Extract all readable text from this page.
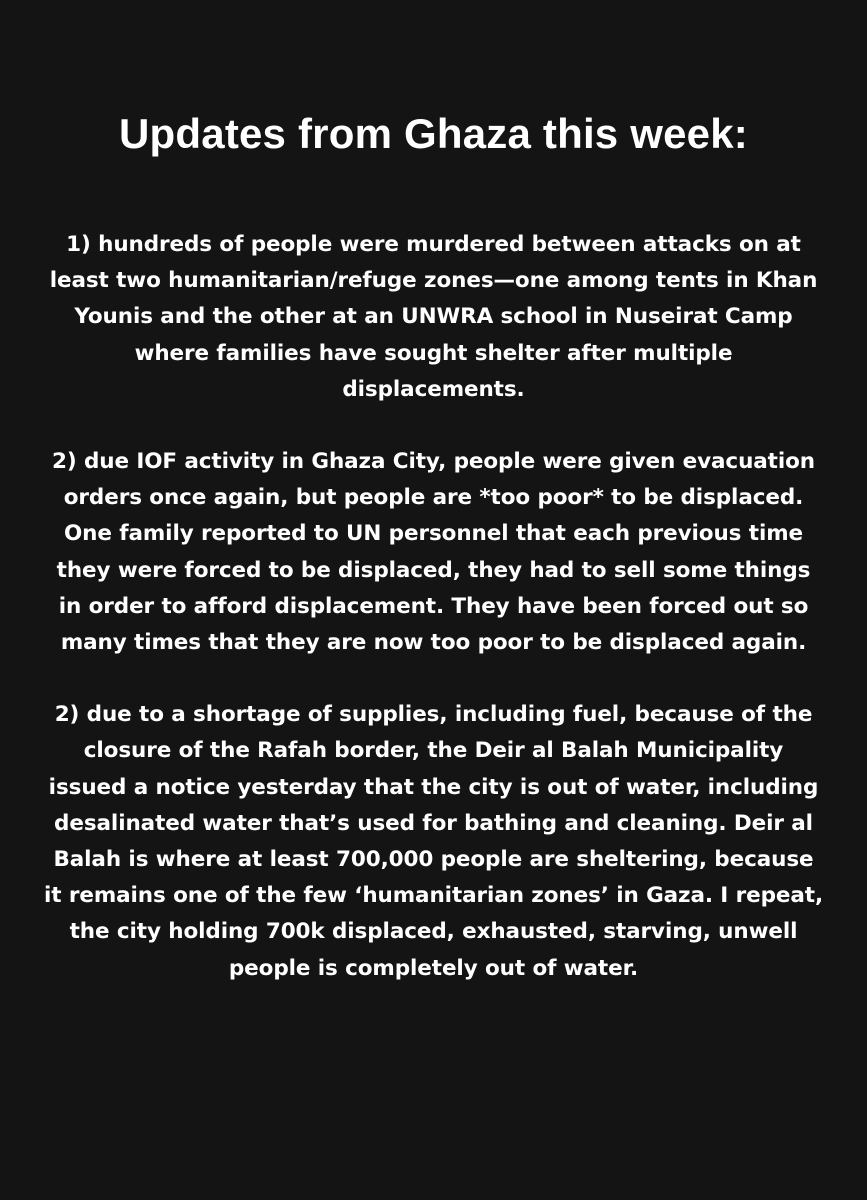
Updates from Ghaza this week:

1) hundreds of people were murdered between attacks on at least two humanitarian/refuge zones—one among tents in Khan Younis and the other at an UNWRA school in Nuseirat Camp where families have sought shelter after multiple displacements.

2) due IOF activity in Ghaza City, people were given evacuation orders once again, but people are *too poor* to be displaced. One family reported to UN personnel that each previous time they were forced to be displaced, they had to sell some things in order to afford displacement. They have been forced out so many times that they are now too poor to be displaced again.

2) due to a shortage of supplies, including fuel, because of the closure of the Rafah border, the Deir al Balah Municipality issued a notice yesterday that the city is out of water, including desalinated water that’s used for bathing and cleaning. Deir al Balah is where at least 700,000 people are sheltering, because it remains one of the few ‘humanitarian zones’ in Gaza. I repeat, the city holding 700k displaced, exhausted, starving, unwell people is completely out of water.
